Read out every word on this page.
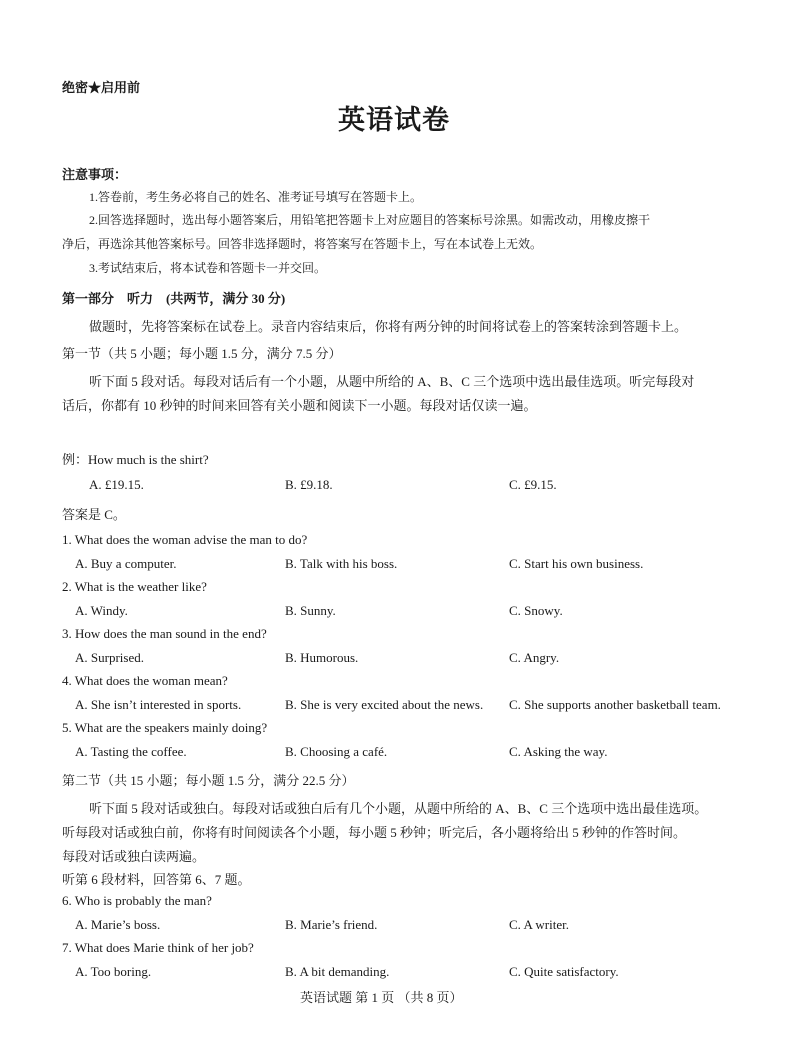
绝密★启用前
英语试卷
注意事项：
1.答卷前，考生务必将自己的姓名、准考证号填写在答题卡上。
2.回答选择题时，选出每小题答案后，用铅笔把答题卡上对应题目的答案标号涂黑。如需改动，用橡皮擦干
净后，再选涂其他答案标号。回答非选择题时，将答案写在答题卡上，写在本试卷上无效。
3.考试结束后，将本试卷和答题卡一并交回。
第一部分　听力　(共两节，满分 30 分)
做题时，先将答案标在试卷上。录音内容结束后，你将有两分钟的时间将试卷上的答案转涂到答题卡上。
第一节（共 5 小题；每小题 1.5 分，满分 7.5 分）
听下面 5 段对话。每段对话后有一个小题，从题中所给的 A、B、C 三个选项中选出最佳选项。听完每段对
话后，你都有 10 秒钟的时间来回答有关小题和阅读下一小题。每段对话仅读一遍。
例：How much is the shirt?
A. £19.15.	B. £9.18.	C. £9.15.
答案是 C。
1. What does the woman advise the man to do?
A. Buy a computer.	B. Talk with his boss.	C. Start his own business.
2. What is the weather like?
A. Windy.	B. Sunny.	C. Snowy.
3. How does the man sound in the end?
A. Surprised.	B. Humorous.	C. Angry.
4. What does the woman mean?
A. She isn’t interested in sports.	B. She is very excited about the news. C. She supports another basketball team.
5. What are the speakers mainly doing?
A. Tasting the coffee.	B. Choosing a café.	C. Asking the way.
第二节（共 15 小题；每小题 1.5 分，满分 22.5 分）
听下面 5 段对话或独白。每段对话或独白后有几个小题，从题中所给的 A、B、C 三个选项中选出最佳选项。
听每段对话或独白前，你将有时间阅读各个小题，每小题 5 秒钟；听完后，各小题将给出 5 秒钟的作答时间。
每段对话或独白读两遍。
听第 6 段材料，回答第 6、7 题。
6. Who is probably the man?
A. Marie’s boss.	B. Marie’s friend.	C. A writer.
7. What does Marie think of her job?
A. Too boring.	B. A bit demanding.	C. Quite satisfactory.
英语试题 第 1 页 （共 8 页）
